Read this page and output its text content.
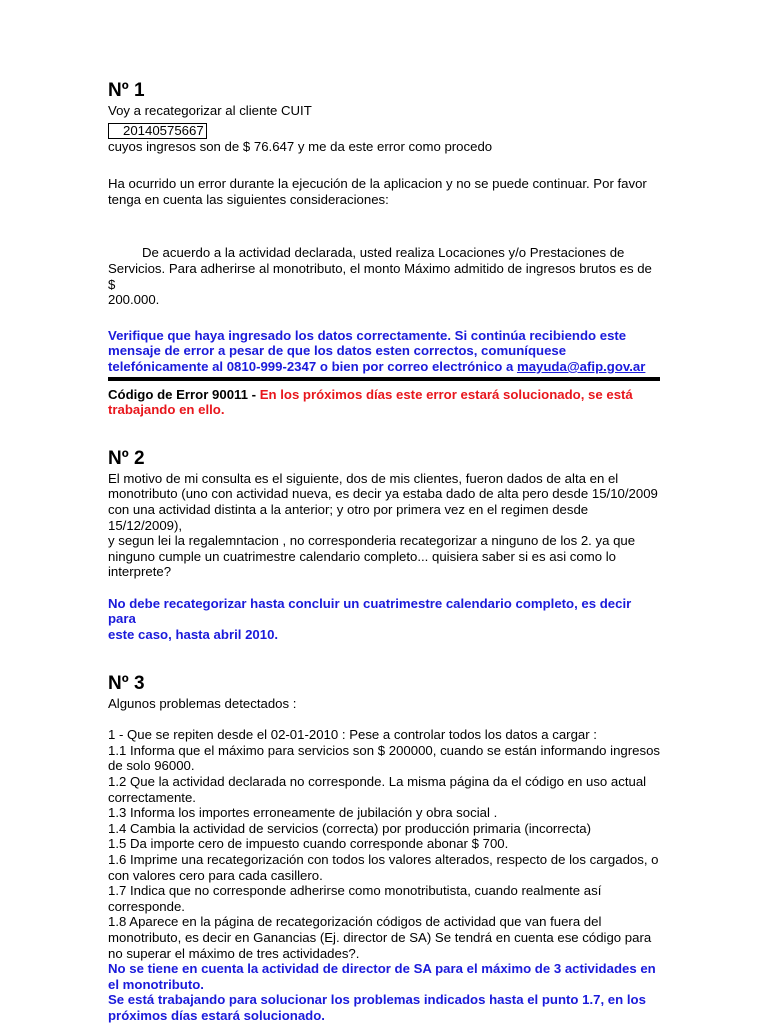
Nº 1

Voy a recategorizar al cliente CUIT

20140575667

cuyos ingresos son de $ 76.647 y me da este error como procedo

Ha ocurrido un error durante la ejecución de la aplicacion y no se puede continuar. Por favor

tenga en cuenta las siguientes consideraciones:

De acuerdo a la actividad declarada, usted realiza Locaciones y/o Prestaciones de

Servicios. Para adherirse al monotributo, el monto Máximo admitido de ingresos brutos es de $

200.000.

Verifique que haya ingresado los datos correctamente. Si continúa recibiendo este

mensaje de error a pesar de que los datos esten correctos, comuníquese

telefónicamente al 0810-999-2347 o bien por correo electrónico a mayuda@afip.gov.ar

Código de Error 90011 - En los próximos días este error estará solucionado, se está

trabajando en ello.

Nº 2

El motivo de mi consulta es el siguiente, dos de mis clientes, fueron dados de alta en el

monotributo (uno con actividad nueva, es decir ya estaba dado de alta pero desde 15/10/2009

con una actividad distinta a la anterior; y otro por primera vez en el regimen desde 15/12/2009),

y segun lei la regalemntacion , no corresponderia recategorizar a ninguno de los 2. ya que

ninguno cumple un cuatrimestre calendario completo... quisiera saber si es asi como lo

interprete?

No debe recategorizar hasta concluir un cuatrimestre calendario completo, es decir para

este caso, hasta abril 2010.

Nº 3

Algunos problemas detectados :

1 - Que se repiten desde el 02-01-2010 : Pese a controlar todos los datos a cargar :

1.1 Informa que el máximo para servicios son $ 200000, cuando se están informando ingresos

de solo 96000.

1.2 Que la actividad declarada no corresponde. La misma página da el código en uso actual

correctamente.

1.3 Informa los importes erroneamente de jubilación y obra social .

1.4 Cambia la actividad de servicios (correcta) por producción primaria (incorrecta)

1.5 Da importe cero de impuesto cuando corresponde abonar $ 700.

1.6 Imprime una recategorización con todos los valores alterados, respecto de los cargados, o

con valores cero para cada casillero.

1.7 Indica que no corresponde adherirse como monotributista, cuando realmente así

corresponde.

1.8 Aparece en la página de recategorización códigos de actividad que van fuera del

monotributo, es decir en Ganancias (Ej. director de SA) Se tendrá en cuenta ese código para

no superar el máximo de tres actividades?.

No se tiene en cuenta la actividad de director de SA para el máximo de 3 actividades en

el monotributo.

Se está trabajando para solucionar los problemas indicados hasta el punto 1.7, en los

próximos días estará solucionado.
